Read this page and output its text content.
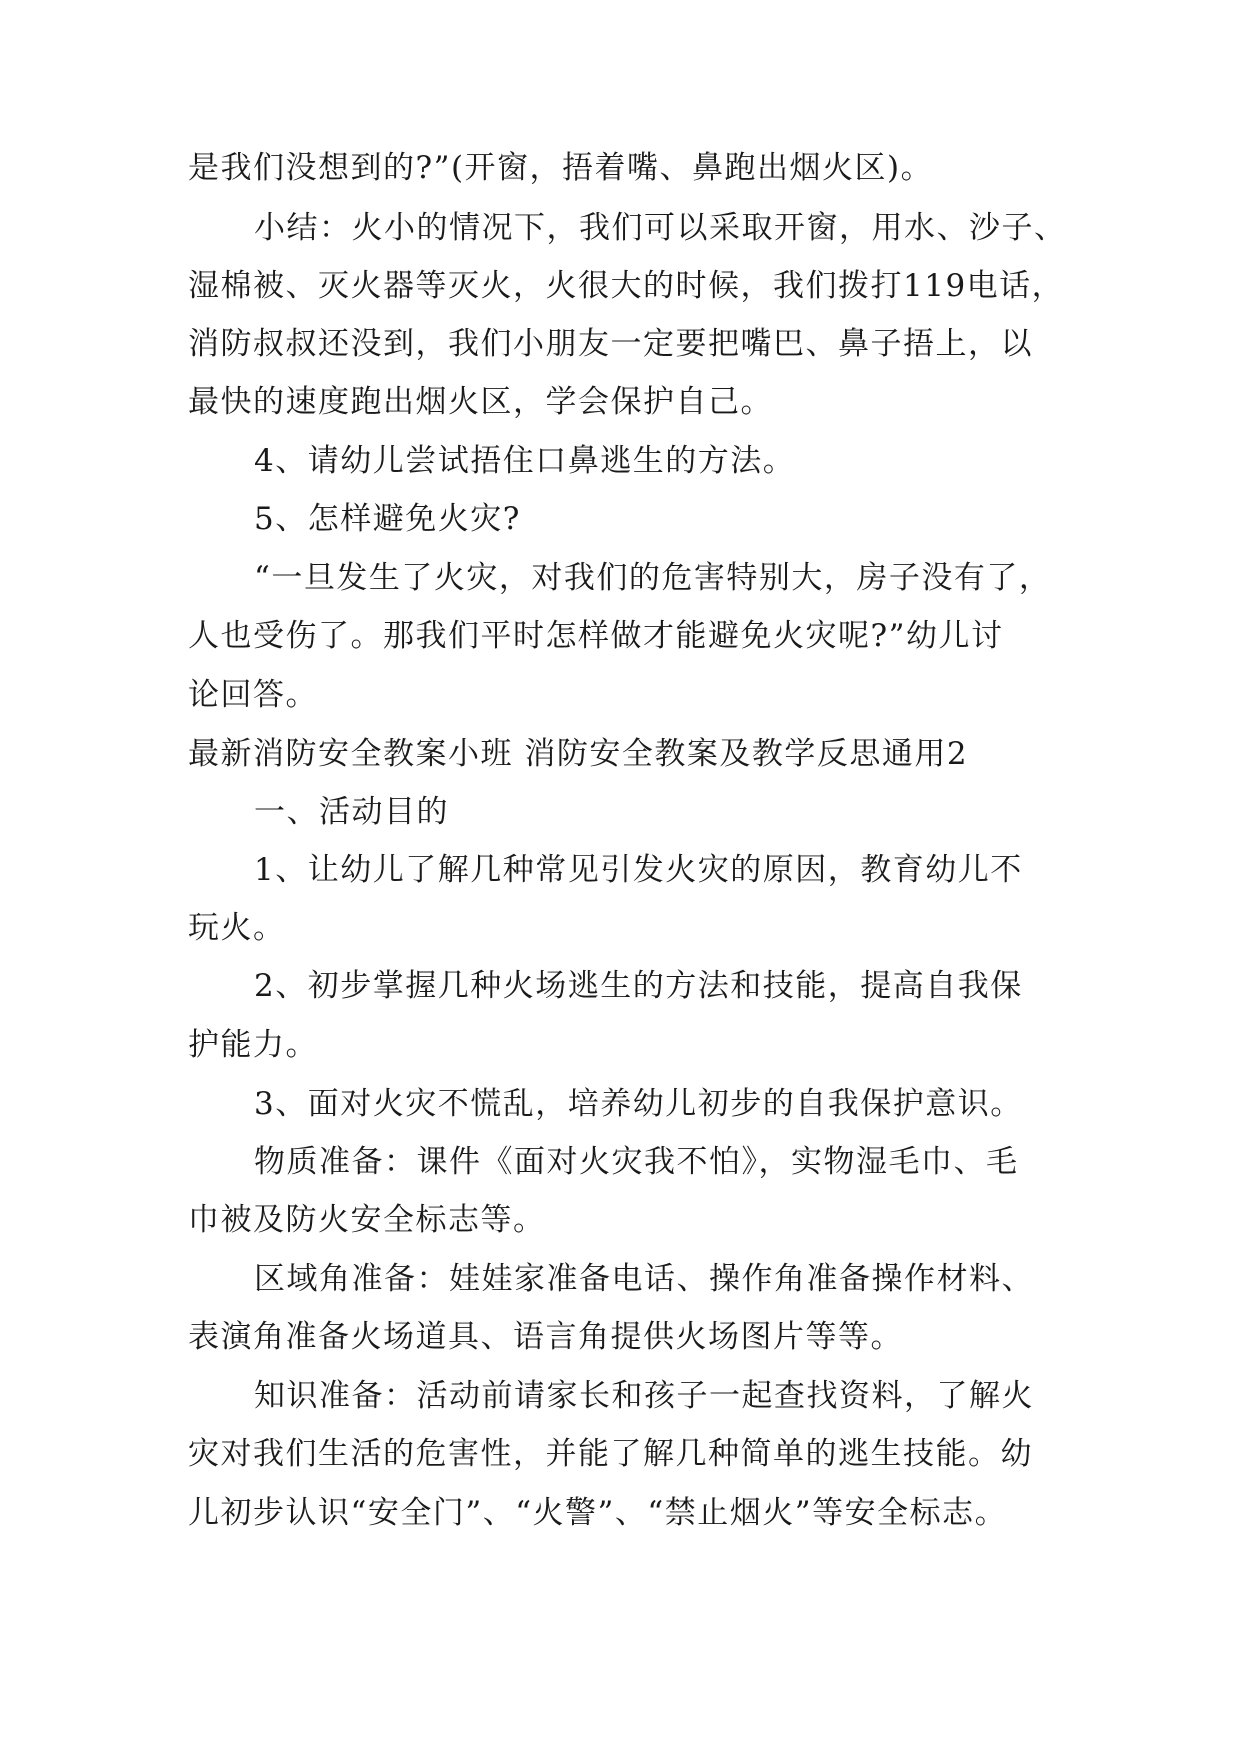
是我们没想到的?”(开窗，捂着嘴、鼻跑出烟火区)。
小结：火小的情况下，我们可以采取开窗，用水、沙子、
湿棉被、灭火器等灭火，火很大的时候，我们拨打119电话，
消防叔叔还没到，我们小朋友一定要把嘴巴、鼻子捂上，以
最快的速度跑出烟火区，学会保护自己。
4、请幼儿尝试捂住口鼻逃生的方法。
5、怎样避免火灾?
“一旦发生了火灾，对我们的危害特别大，房子没有了，
人也受伤了。那我们平时怎样做才能避免火灾呢?”幼儿讨
论回答。
最新消防安全教案小班 消防安全教案及教学反思通用2
一、活动目的
1、让幼儿了解几种常见引发火灾的原因，教育幼儿不
玩火。
2、初步掌握几种火场逃生的方法和技能，提高自我保
护能力。
3、面对火灾不慌乱，培养幼儿初步的自我保护意识。
物质准备：课件《面对火灾我不怕》，实物湿毛巾、毛
巾被及防火安全标志等。
区域角准备：娃娃家准备电话、操作角准备操作材料、
表演角准备火场道具、语言角提供火场图片等等。
知识准备：活动前请家长和孩子一起查找资料，了解火
灾对我们生活的危害性，并能了解几种简单的逃生技能。幼
儿初步认识“安全门”、“火警”、“禁止烟火”等安全标志。
